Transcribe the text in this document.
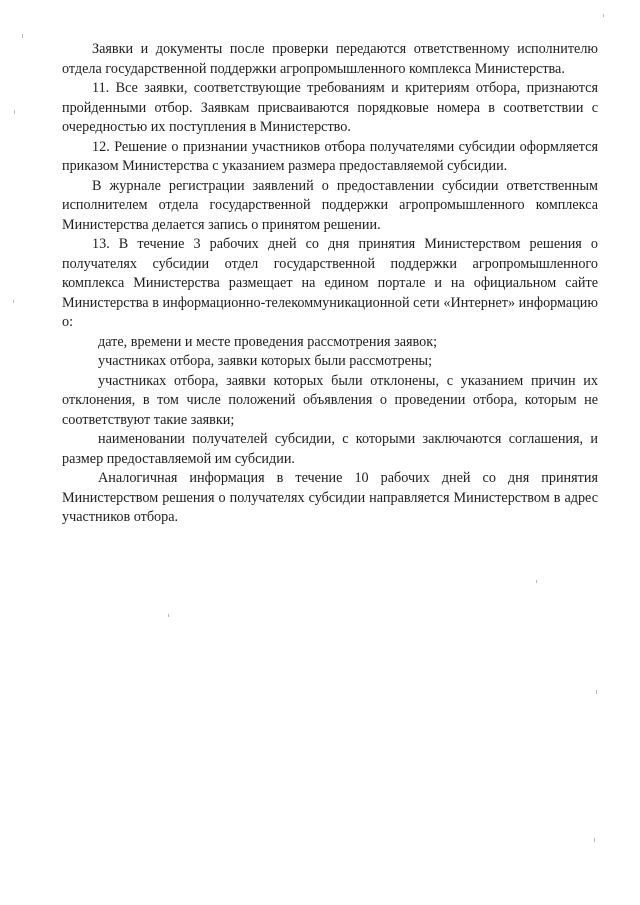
Заявки и документы после проверки передаются ответственному исполнителю отдела государственной поддержки агропромышленного комплекса Министерства.

11. Все заявки, соответствующие требованиям и критериям отбора, признаются пройденными отбор. Заявкам присваиваются порядковые номера в соответствии с очередностью их поступления в Министерство.

12. Решение о признании участников отбора получателями субсидии оформляется приказом Министерства с указанием размера предоставляемой субсидии.

В журнале регистрации заявлений о предоставлении субсидии ответственным исполнителем отдела государственной поддержки агропромышленного комплекса Министерства делается запись о принятом решении.

13. В течение 3 рабочих дней со дня принятия Министерством решения о получателях субсидии отдел государственной поддержки агропромышленного комплекса Министерства размещает на едином портале и на официальном сайте Министерства в информационно-телекоммуникационной сети «Интернет» информацию о:

дате, времени и месте проведения рассмотрения заявок;

участниках отбора, заявки которых были рассмотрены;

участниках отбора, заявки которых были отклонены, с указанием причин их отклонения, в том числе положений объявления о проведении отбора, которым не соответствуют такие заявки;

наименовании получателей субсидии, с которыми заключаются соглашения, и размер предоставляемой им субсидии.

Аналогичная информация в течение 10 рабочих дней со дня принятия Министерством решения о получателях субсидии направляется Министерством в адрес участников отбора.
